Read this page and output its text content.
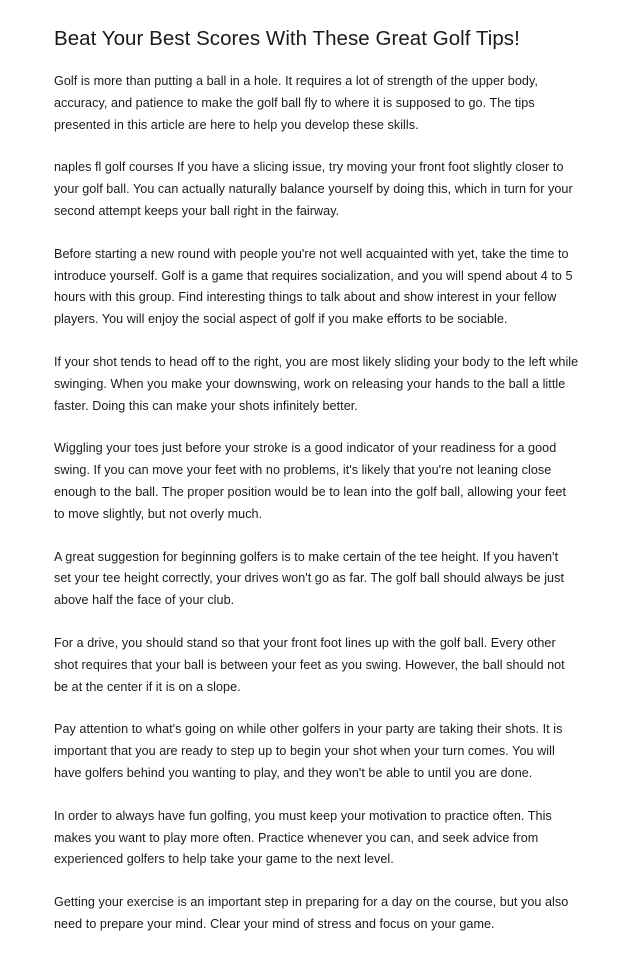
Beat Your Best Scores With These Great Golf Tips!

Golf is more than putting a ball in a hole. It requires a lot of strength of the upper body,
accuracy, and patience to make the golf ball fly to where it is supposed to go. The tips
presented in this article are here to help you develop these skills.

naples fl golf courses If you have a slicing issue, try moving your front foot slightly closer to
your golf ball. You can actually naturally balance yourself by doing this, which in turn for your
second attempt keeps your ball right in the fairway.

Before starting a new round with people you're not well acquainted with yet, take the time to
introduce yourself. Golf is a game that requires socialization, and you will spend about 4 to 5
hours with this group. Find interesting things to talk about and show interest in your fellow
players. You will enjoy the social aspect of golf if you make efforts to be sociable.

If your shot tends to head off to the right, you are most likely sliding your body to the left while
swinging. When you make your downswing, work on releasing your hands to the ball a little
faster. Doing this can make your shots infinitely better.

Wiggling your toes just before your stroke is a good indicator of your readiness for a good
swing. If you can move your feet with no problems, it's likely that you're not leaning close
enough to the ball. The proper position would be to lean into the golf ball, allowing your feet
to move slightly, but not overly much.

A great suggestion for beginning golfers is to make certain of the tee height. If you haven't
set your tee height correctly, your drives won't go as far. The golf ball should always be just
above half the face of your club.

For a drive, you should stand so that your front foot lines up with the golf ball. Every other
shot requires that your ball is between your feet as you swing. However, the ball should not
be at the center if it is on a slope.

Pay attention to what's going on while other golfers in your party are taking their shots. It is
important that you are ready to step up to begin your shot when your turn comes. You will
have golfers behind you wanting to play, and they won't be able to until you are done.

In order to always have fun golfing, you must keep your motivation to practice often. This
makes you want to play more often. Practice whenever you can, and seek advice from
experienced golfers to help take your game to the next level.

Getting your exercise is an important step in preparing for a day on the course, but you also
need to prepare your mind. Clear your mind of stress and focus on your game.
